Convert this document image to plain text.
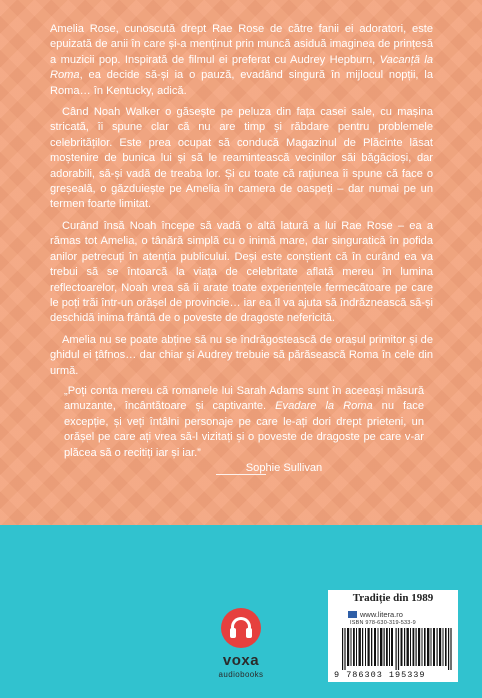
Amelia Rose, cunoscută drept Rae Rose de către fanii ei adoratori, este epuizată de anii în care și-a menținut prin muncă asiduă imaginea de prințesă a muzicii pop. Inspirată de filmul ei preferat cu Audrey Hepburn, Vacanță la Roma, ea decide să-și ia o pauză, evadând singură în mijlocul nopții, la Roma… în Kentucky, adică.

Când Noah Walker o găsește pe peluza din fața casei sale, cu mașina stricată, îi spune clar că nu are timp și răbdare pentru problemele celebrităților. Este prea ocupat să conducă Magazinul de Plăcinte lăsat moștenire de bunica lui și să le reamintească vecinilor săi băgăcioși, dar adorabili, să-și vadă de treaba lor. Și cu toate că rațiunea îi spune că face o greșeală, o găzduiește pe Amelia în camera de oaspeți – dar numai pe un termen foarte limitat.

Curând însă Noah începe să vadă o altă latură a lui Rae Rose – ea a rămas tot Amelia, o tânără simplă cu o inimă mare, dar singuratică în pofida anilor petrecuți în atenția publicului. Deși este conștient că în curând ea va trebui să se întoarcă la viața de celebritate aflată mereu în lumina reflectoarelor, Noah vrea să îi arate toate experiențele fermecătoare pe care le poți trăi într-un orășel de provincie… iar ea îl va ajuta să îndrăznească să-și deschidă inima frântă de o poveste de dragoste nefericită.

Amelia nu se poate abține să nu se îndrăgostească de orașul primitor și de ghidul ei țâfnos… dar chiar și Audrey trebuie să părăsească Roma în cele din urmă.

„Poți conta mereu că romanele lui Sarah Adams sunt în aceeași măsură amuzante, încântătoare și captivante. Evadare la Roma nu face excepție, și veți întâlni personaje pe care le-ați dori drept prieteni, un orășel pe care ați vrea să-l vizitați și o poveste de dragoste pe care v-ar plăcea să o recitiți iar și iar.”
Sophie Sullivan
voxa
audiobooks
Tradiție din 1989
www.litera.ro
ISBN 978-630-319-533-9
9 786303 195339
